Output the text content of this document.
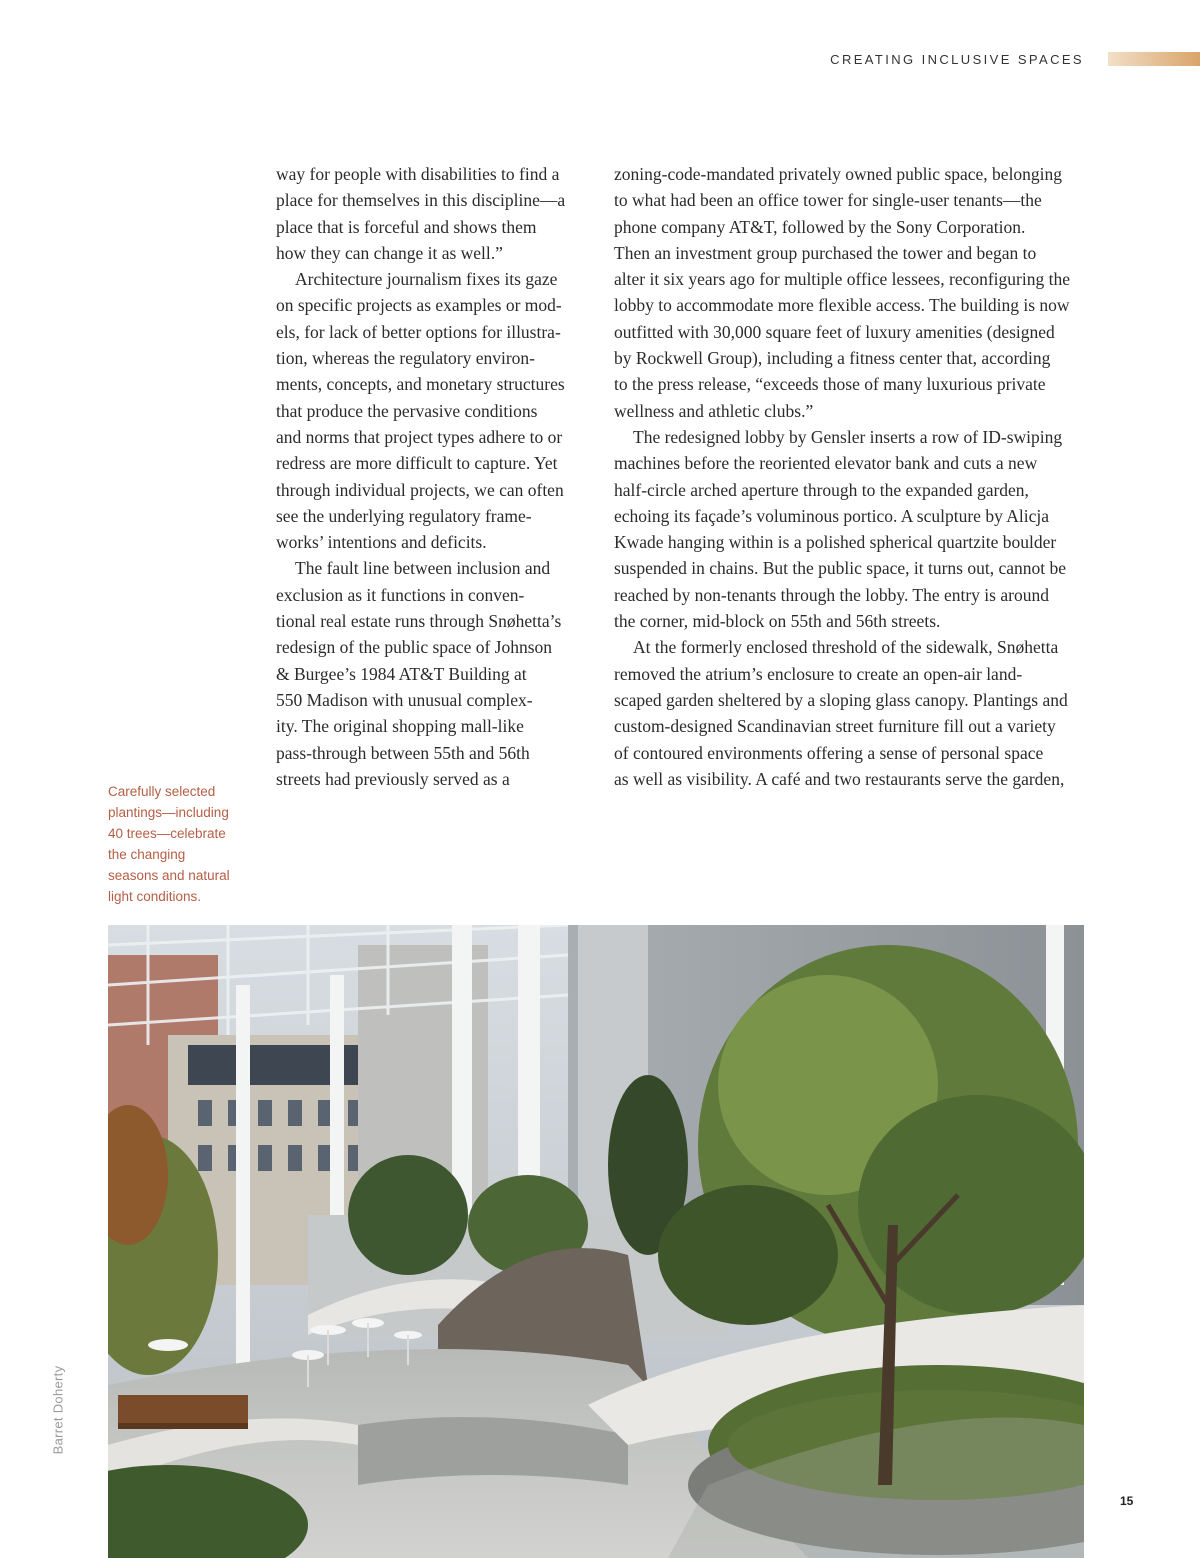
CREATING INCLUSIVE SPACES
way for people with disabilities to find a
place for themselves in this discipline—a
place that is forceful and shows them
how they can change it as well.”
Architecture journalism fixes its gaze
on specific projects as examples or mod-
els, for lack of better options for illustra-
tion, whereas the regulatory environ-
ments, concepts, and monetary structures
that produce the pervasive conditions
and norms that project types adhere to or
redress are more difficult to capture. Yet
through individual projects, we can often
see the underlying regulatory frame-
works’ intentions and deficits.
The fault line between inclusion and
exclusion as it functions in conven-
tional real estate runs through Snøhetta’s
redesign of the public space of Johnson
& Burgee’s 1984 AT&T Building at
550 Madison with unusual complex-
ity. The original shopping mall-like
pass-through between 55th and 56th
streets had previously served as a
zoning-code-mandated privately owned public space, belonging
to what had been an office tower for single-user tenants—the
phone company AT&T, followed by the Sony Corporation.
Then an investment group purchased the tower and began to
alter it six years ago for multiple office lessees, reconfiguring the
lobby to accommodate more flexible access. The building is now
outfitted with 30,000 square feet of luxury amenities (designed
by Rockwell Group), including a fitness center that, according
to the press release, “exceeds those of many luxurious private
wellness and athletic clubs.”
The redesigned lobby by Gensler inserts a row of ID-swiping
machines before the reoriented elevator bank and cuts a new
half-circle arched aperture through to the expanded garden,
echoing its façade’s voluminous portico. A sculpture by Alicja
Kwade hanging within is a polished spherical quartzite boulder
suspended in chains. But the public space, it turns out, cannot be
reached by non-tenants through the lobby. The entry is around
the corner, mid-block on 55th and 56th streets.
At the formerly enclosed threshold of the sidewalk, Snøhetta
removed the atrium’s enclosure to create an open-air land-
scaped garden sheltered by a sloping glass canopy. Plantings and
custom-designed Scandinavian street furniture fill out a variety
of contoured environments offering a sense of personal space
as well as visibility. A café and two restaurants serve the garden,
Carefully selected
plantings—including
40 trees—celebrate
the changing
seasons and natural
light conditions.
Barret Doherty
15
